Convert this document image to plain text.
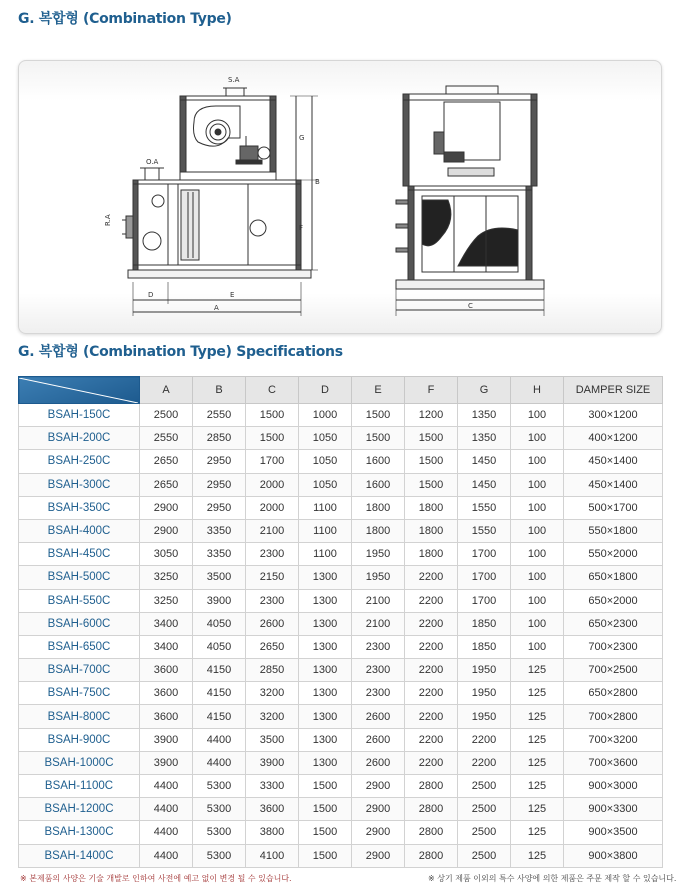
G. 복합형 (Combination Type)
S.A
O.A
R.A
D	E
A
G
B
F
C
G. 복합형 (Combination Type) Specifications
	A	B	C	D	E	F	G	H	DAMPER SIZE
BSAH-150C	2500	2550	1500	1000	1500	1200	1350	100	300×1200
BSAH-200C	2550	2850	1500	1050	1500	1500	1350	100	400×1200
BSAH-250C	2650	2950	1700	1050	1600	1500	1450	100	450×1400
BSAH-300C	2650	2950	2000	1050	1600	1500	1450	100	450×1400
BSAH-350C	2900	2950	2000	1100	1800	1800	1550	100	500×1700
BSAH-400C	2900	3350	2100	1100	1800	1800	1550	100	550×1800
BSAH-450C	3050	3350	2300	1100	1950	1800	1700	100	550×2000
BSAH-500C	3250	3500	2150	1300	1950	2200	1700	100	650×1800
BSAH-550C	3250	3900	2300	1300	2100	2200	1700	100	650×2000
BSAH-600C	3400	4050	2600	1300	2100	2200	1850	100	650×2300
BSAH-650C	3400	4050	2650	1300	2300	2200	1850	100	700×2300
BSAH-700C	3600	4150	2850	1300	2300	2200	1950	125	700×2500
BSAH-750C	3600	4150	3200	1300	2300	2200	1950	125	650×2800
BSAH-800C	3600	4150	3200	1300	2600	2200	1950	125	700×2800
BSAH-900C	3900	4400	3500	1300	2600	2200	2200	125	700×3200
BSAH-1000C	3900	4400	3900	1300	2600	2200	2200	125	700×3600
BSAH-1100C	4400	5300	3300	1500	2900	2800	2500	125	900×3000
BSAH-1200C	4400	5300	3600	1500	2900	2800	2500	125	900×3300
BSAH-1300C	4400	5300	3800	1500	2900	2800	2500	125	900×3500
BSAH-1400C	4400	5300	4100	1500	2900	2800	2500	125	900×3800
※ 본제품의 사양은 기술 개발로 인하여 사전에 예고 없이 변경 될 수 있습니다.	※ 상기 제품 이외의 특수 사양에 의한 제품은 주문 제작 할 수 있습니다.
